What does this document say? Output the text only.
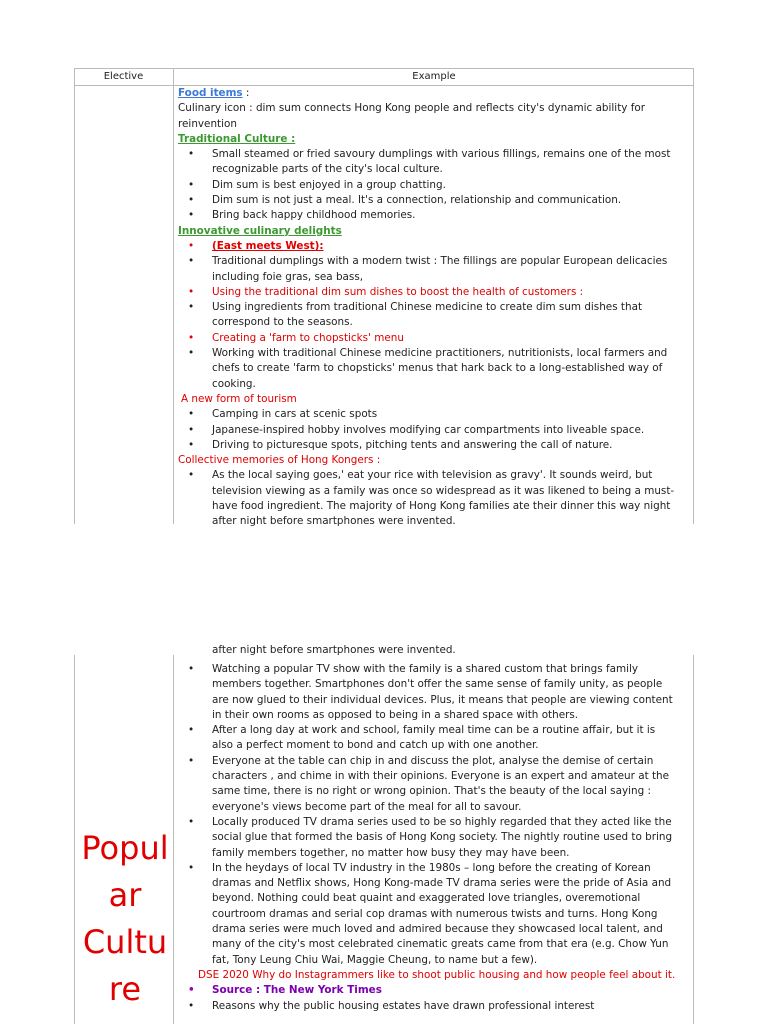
Elective	Example
Food items :
Culinary icon : dim sum connects Hong Kong people and reflects city's dynamic ability for
reinvention
Traditional Culture :
• Small steamed or fried savoury dumplings with various fillings, remains one of the most
recognizable parts of the city's local culture.
• Dim sum is best enjoyed in a group chatting.
• Dim sum is not just a meal. It's a connection, relationship and communication.
• Bring back happy childhood memories.
Innovative culinary delights
• (East meets West):
• Traditional dumplings with a modern twist : The fillings are popular European delicacies
including foie gras, sea bass,
• Using the traditional dim sum dishes to boost the health of customers :
• Using ingredients from traditional Chinese medicine to create dim sum dishes that
correspond to the seasons.
• Creating a 'farm to chopsticks' menu
• Working with traditional Chinese medicine practitioners, nutritionists, local farmers and
chefs to create 'farm to chopsticks' menus that hark back to a long-established way of
cooking.
A new form of tourism
• Camping in cars at scenic spots
• Japanese-inspired hobby involves modifying car compartments into liveable space.
• Driving to picturesque spots, pitching tents and answering the call of nature.
Collective memories of Hong Kongers :
• As the local saying goes,' eat your rice with television as gravy'. It sounds weird, but
television viewing as a family was once so widespread as it was likened to being a must-
have food ingredient. The majority of Hong Kong families ate their dinner this way night
after night before smartphones were invented.
Popul
ar
Cultu
re
after night before smartphones were invented.
• Watching a popular TV show with the family is a shared custom that brings family
members together. Smartphones don't offer the same sense of family unity, as people
are now glued to their individual devices. Plus, it means that people are viewing content
in their own rooms as opposed to being in a shared space with others.
• After a long day at work and school, family meal time can be a routine affair, but it is
also a perfect moment to bond and catch up with one another.
• Everyone at the table can chip in and discuss the plot, analyse the demise of certain
characters , and chime in with their opinions. Everyone is an expert and amateur at the
same time, there is no right or wrong opinion. That's the beauty of the local saying :
everyone's views become part of the meal for all to savour.
• Locally produced TV drama series used to be so highly regarded that they acted like the
social glue that formed the basis of Hong Kong society. The nightly routine used to bring
family members together, no matter how busy they may have been.
• In the heydays of local TV industry in the 1980s – long before the creating of Korean
dramas and Netflix shows, Hong Kong-made TV drama series were the pride of Asia and
beyond. Nothing could beat quaint and exaggerated love triangles, overemotional
courtroom dramas and serial cop dramas with numerous twists and turns. Hong Kong
drama series were much loved and admired because they showcased local talent, and
many of the city's most celebrated cinematic greats came from that era (e.g. Chow Yun
fat, Tony Leung Chiu Wai, Maggie Cheung, to name but a few).
DSE 2020 Why do Instagrammers like to shoot public housing and how people feel about it.
• Source : The New York Times
• Reasons why the public housing estates have drawn professional interest
